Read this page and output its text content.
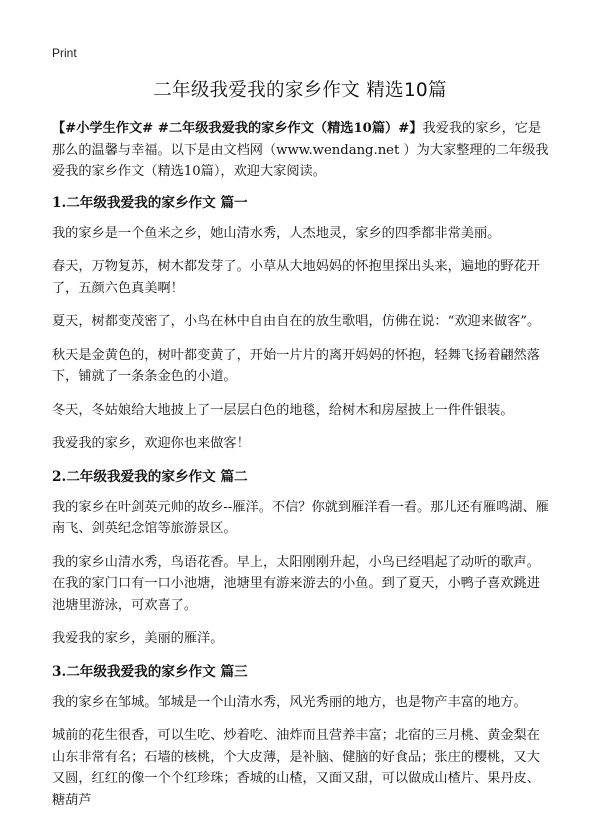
Print
二年级我爱我的家乡作文 精选10篇

【#小学生作文# #二年级我爱我的家乡作文（精选10篇）#】我爱我的家乡，它是那么的温馨与幸福。以下是由文档网（www.wendang.net ）为大家整理的二年级我爱我的家乡作文（精选10篇），欢迎大家阅读。

1.二年级我爱我的家乡作文 篇一

我的家乡是一个鱼米之乡，她山清水秀，人杰地灵，家乡的四季都非常美丽。

春天，万物复苏，树木都发芽了。小草从大地妈妈的怀抱里探出头来，遍地的野花开了，五颜六色真美啊！

夏天，树都变茂密了，小鸟在林中自由自在的放生歌唱，仿佛在说：“欢迎来做客”。

秋天是金黄色的，树叶都变黄了，开始一片片的离开妈妈的怀抱，轻舞飞扬着翩然落下，铺就了一条条金色的小道。

冬天，冬姑娘给大地披上了一层层白色的地毯，给树木和房屋披上一件件银装。

我爱我的家乡，欢迎你也来做客！

2.二年级我爱我的家乡作文 篇二

我的家乡在叶剑英元帅的故乡--雁洋。不信？你就到雁洋看一看。那儿还有雁鸣湖、雁南飞、剑英纪念馆等旅游景区。

我的家乡山清水秀，鸟语花香。早上，太阳刚刚升起，小鸟已经唱起了动听的歌声。在我的家门口有一口小池塘，池塘里有游来游去的小鱼。到了夏天，小鸭子喜欢跳进池塘里游泳，可欢喜了。

我爱我的家乡，美丽的雁洋。

3.二年级我爱我的家乡作文 篇三

我的家乡在邹城。邹城是一个山清水秀，风光秀丽的地方，也是物产丰富的地方。

城前的花生很香，可以生吃、炒着吃、油炸而且营养丰富；北宿的三月桃、黄金梨在山东非常有名；石墙的核桃，个大皮薄，是补脑、健脑的好食品；张庄的樱桃，又大又圆，红红的像一个个红珍珠；香城的山楂，又面又甜，可以做成山楂片、果丹皮、糖葫芦
